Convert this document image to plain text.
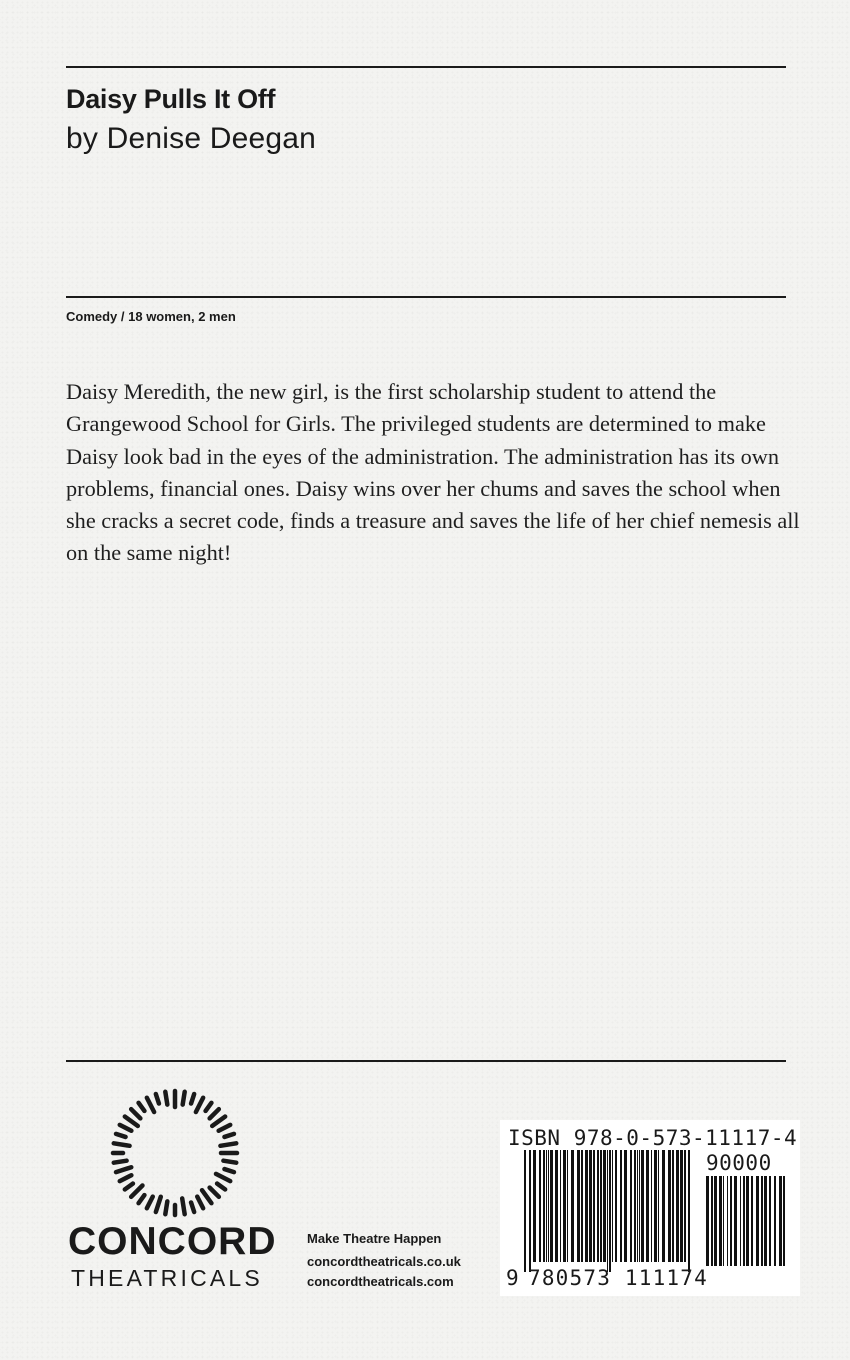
Daisy Pulls It Off
by Denise Deegan
Comedy / 18 women, 2 men
Daisy Meredith, the new girl, is the first scholarship student to attend the Grangewood School for Girls. The privileged students are determined to make Daisy look bad in the eyes of the administration. The administration has its own problems, financial ones. Daisy wins over her chums and saves the school when she cracks a secret code, finds a treasure and saves the life of her chief nemesis all on the same night!
CONCORD
THEATRICALS
Make Theatre Happen
concordtheatricals.co.uk
concordtheatricals.com
ISBN 978-0-573-11117-4
90000
9 780573 111174
